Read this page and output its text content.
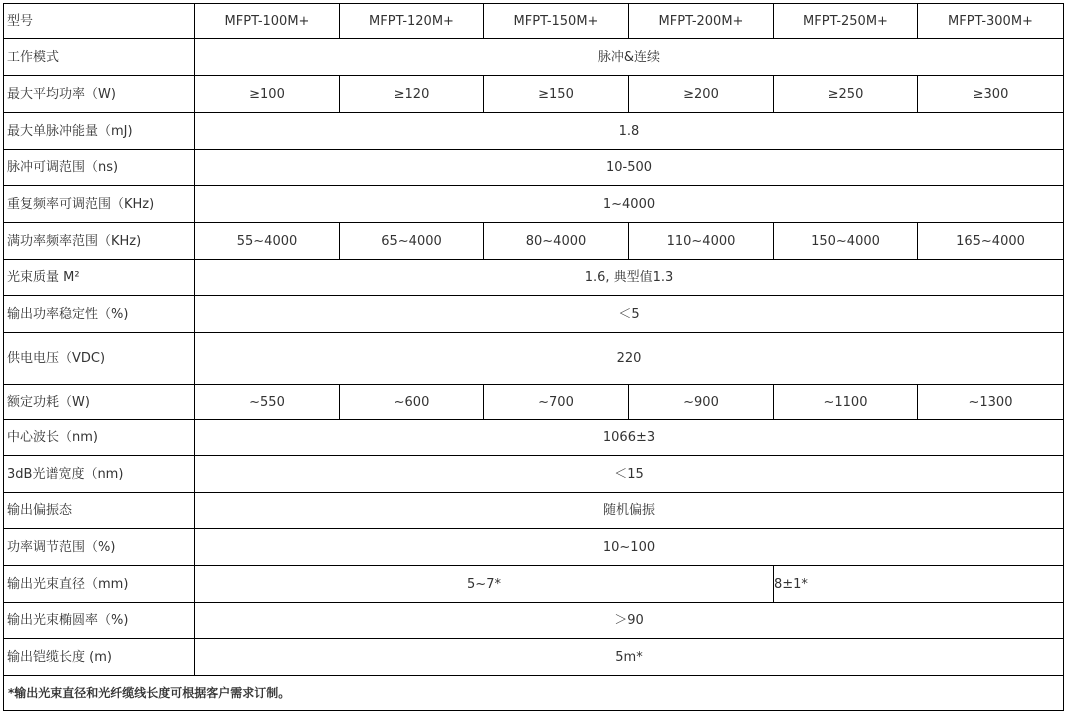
型号	MFPT-100M+	MFPT-120M+	MFPT-150M+	MFPT-200M+	MFPT-250M+	MFPT-300M+
工作模式	脉冲&连续					
最大平均功率（W)	≥100	≥120	≥150	≥200	≥250	≥300
最大单脉冲能量（mJ)	1.8					
脉冲可调范围（ns)	10-500					
重复频率可调范围（KHz)	1~4000					
满功率频率范围（KHz)	55~4000	65~4000	80~4000	110~4000	150~4000	165~4000
光束质量 M²	1.6, 典型值1.3					
输出功率稳定性（%)	＜5					
供电电压（VDC)	220					
额定功耗（W)	~550	~600	~700	~900	~1100	~1300
中心波长（nm)	1066±3					
3dB光谱宽度（nm)	＜15					
输出偏振态	随机偏振					
功率调节范围（%)	10~100					
输出光束直径（mm)	5~7*				8±1*	
输出光束椭圆率（%)	＞90					
输出铠缆长度 (m)	5m*					
*输出光束直径和光纤缆线长度可根据客户需求订制。						
